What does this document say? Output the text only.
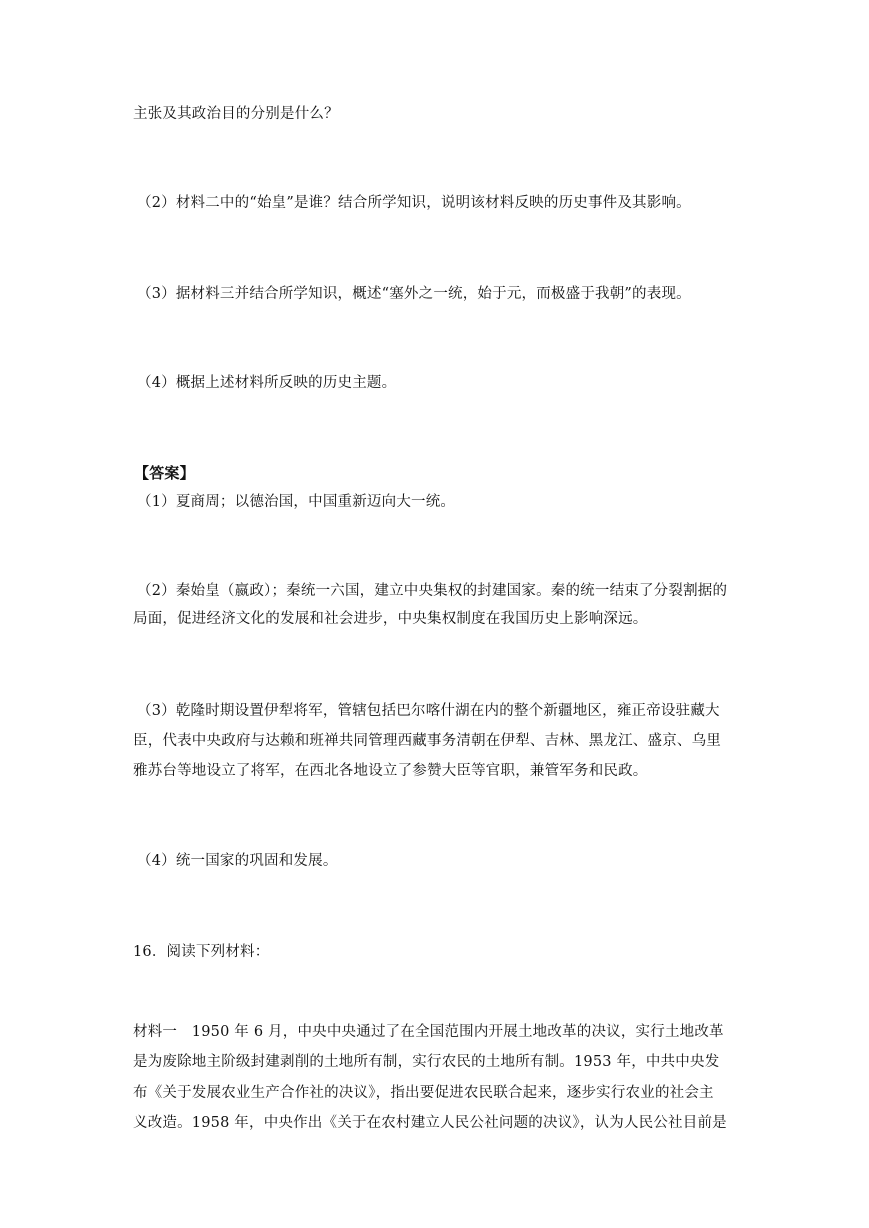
主张及其政治目的分别是什么？
（2）材料二中的“始皇”是谁？结合所学知识，说明该材料反映的历史事件及其影响。
（3）据材料三并结合所学知识，概述“塞外之一统，始于元，而极盛于我朝”的表现。
（4）概据上述材料所反映的历史主题。
【答案】
（1）夏商周；以德治国，中国重新迈向大一统。
（2）秦始皇（嬴政）；秦统一六国，建立中央集权的封建国家。秦的统一结束了分裂割据的
局面，促进经济文化的发展和社会进步，中央集权制度在我国历史上影响深远。
（3）乾隆时期设置伊犁将军，管辖包括巴尔喀什湖在内的整个新疆地区，雍正帝设驻藏大
臣，代表中央政府与达赖和班禅共同管理西藏事务清朝在伊犁、吉林、黑龙江、盛京、乌里
雅苏台等地设立了将军，在西北各地设立了参赞大臣等官职，兼管军务和民政。
（4）统一国家的巩固和发展。
16．阅读下列材料：
材料一　1950 年 6 月，中央中央通过了在全国范围内开展土地改革的决议，实行土地改革
是为废除地主阶级封建剥削的土地所有制，实行农民的土地所有制。1953 年，中共中央发
布《关于发展农业生产合作社的决议》，指出要促进农民联合起来，逐步实行农业的社会主
义改造。1958 年，中央作出《关于在农村建立人民公社问题的决议》，认为人民公社目前是
